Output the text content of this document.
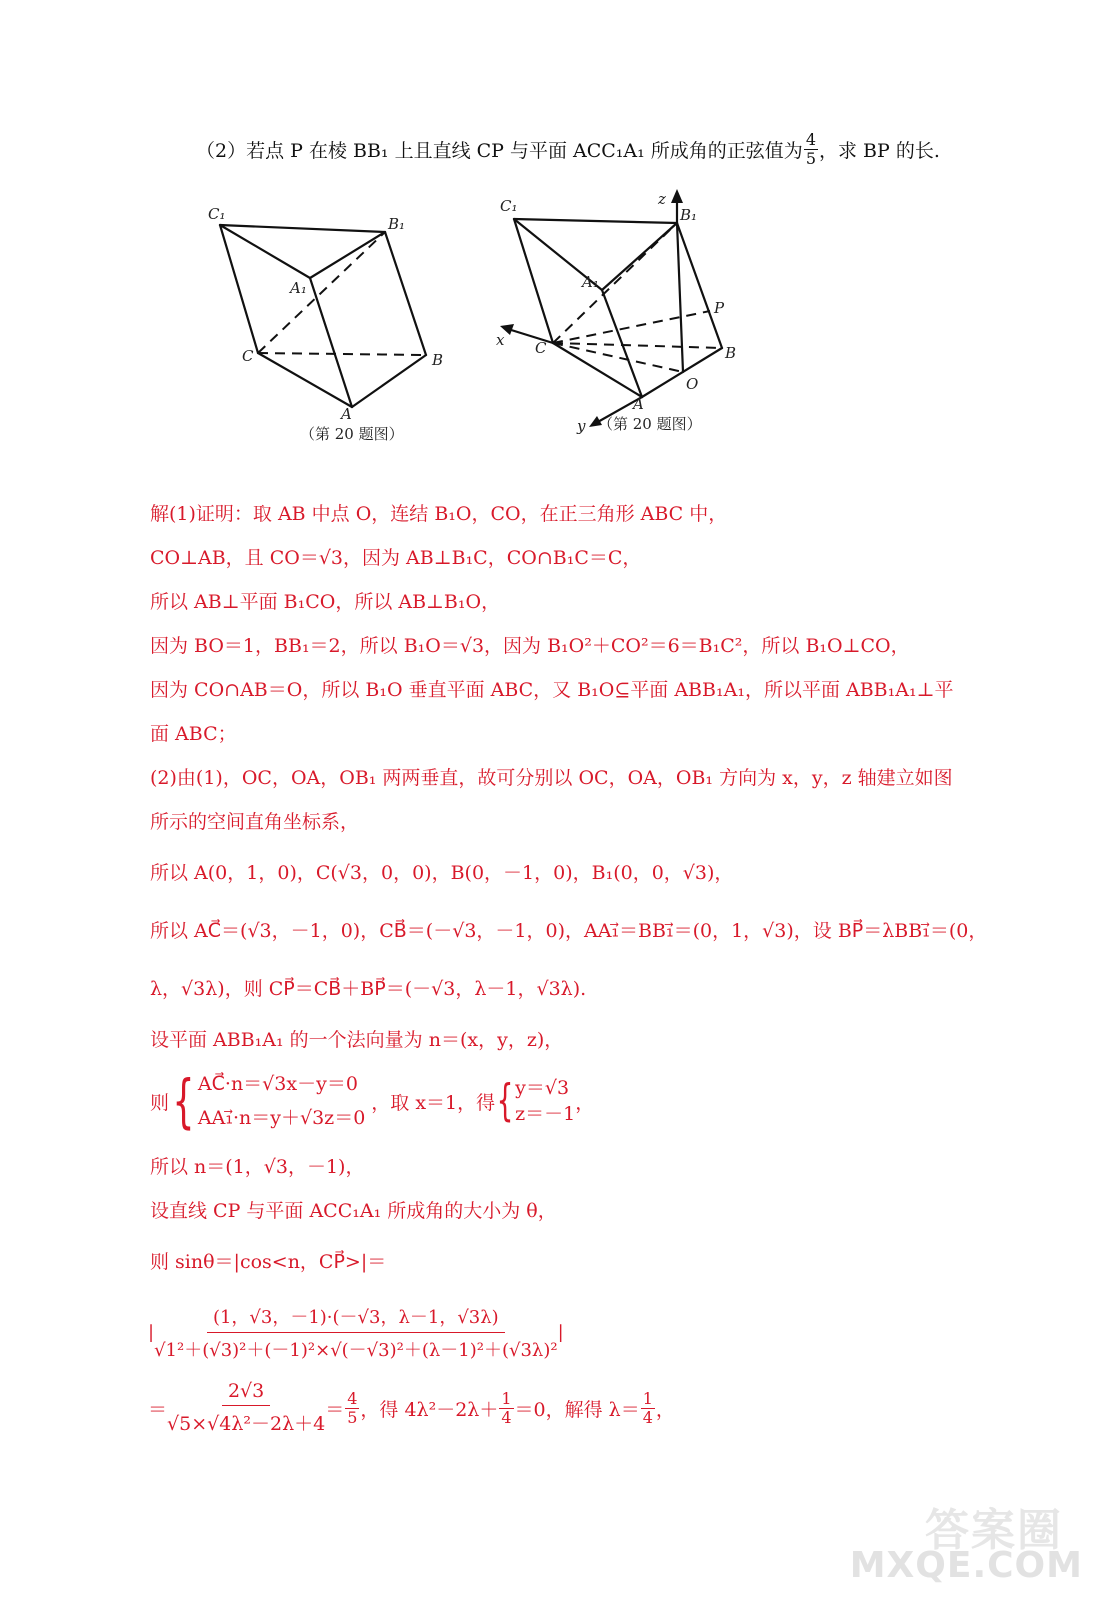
（2）若点 P 在棱 BB₁ 上且直线 CP 与平面 ACC₁A₁ 所成角的正弦值为 $\frac{4}{5}$ ，求 BP 的长.
C₁
B₁
A₁
C	B
A
（第 20 题图）
C₁	B₁
z
A₁
P
x C	B
O
A
y （第 20 题图）
解(1)证明：取 AB 中点 O，连结 B₁O，CO，在正三角形 ABC 中，
CO⊥AB，且 CO＝√3，因为 AB⊥B₁C，CO∩B₁C＝C，
所以 AB⊥平面 B₁CO，所以 AB⊥B₁O，
因为 BO＝1，BB₁＝2，所以 B₁O＝√3，因为 B₁O²＋CO²＝6＝B₁C²，所以 B₁O⊥CO，
因为 CO∩AB＝O，所以 B₁O 垂直平面 ABC，又 B₁O⊆平面 ABB₁A₁，所以平面 ABB₁A₁⊥平
面 ABC；
(2)由(1)，OC，OA，OB₁ 两两垂直，故可分别以 OC，OA，OB₁ 方向为 x，y，z 轴建立如图
所示的空间直角坐标系，
所以 A(0，1，0)，C(√3，0，0)，B(0，－1，0)，B₁(0，0，√3)，
所以 AC⃗＝(√3，－1，0)，CB⃗＝(－√3，－1，0)，AA₁⃗＝BB₁⃗＝(0，1，√3)，设 BP⃗＝λBB₁⃗＝(0，
λ，√3λ)，则 CP⃗＝CB⃗＋BP⃗＝(－√3，λ－1，√3λ).
设平面 ABB₁A₁ 的一个法向量为 n＝(x，y，z)，
则 { AC⃗·n＝√3x－y＝0
AA₁⃗·n＝y＋√3z＝0
，取 x＝1，得 { y＝√3
z＝－1
，
所以 n＝(1，√3，－1)，
设直线 CP 与平面 ACC₁A₁ 所成角的大小为 θ，
则 sinθ＝|cos<n，CP⃗>|＝
| $\frac{(1,√3,-1)\cdot(-√3,\lambda-1,√3\lambda)}{\text{√1²＋(√3)²＋(－1)²×√(－√3)²＋(λ－1)²＋(√3λ)²}}$ |
＝ $\frac{2√3}{\text{√5×√4λ²－2λ＋4}} = \frac{4}{5}$ ，得 $4\lambda^2-2\lambda+ \frac{1}{4} =0$，解得 $\lambda= \frac{1}{4}$ ，
答案圈
MXQE.COM
